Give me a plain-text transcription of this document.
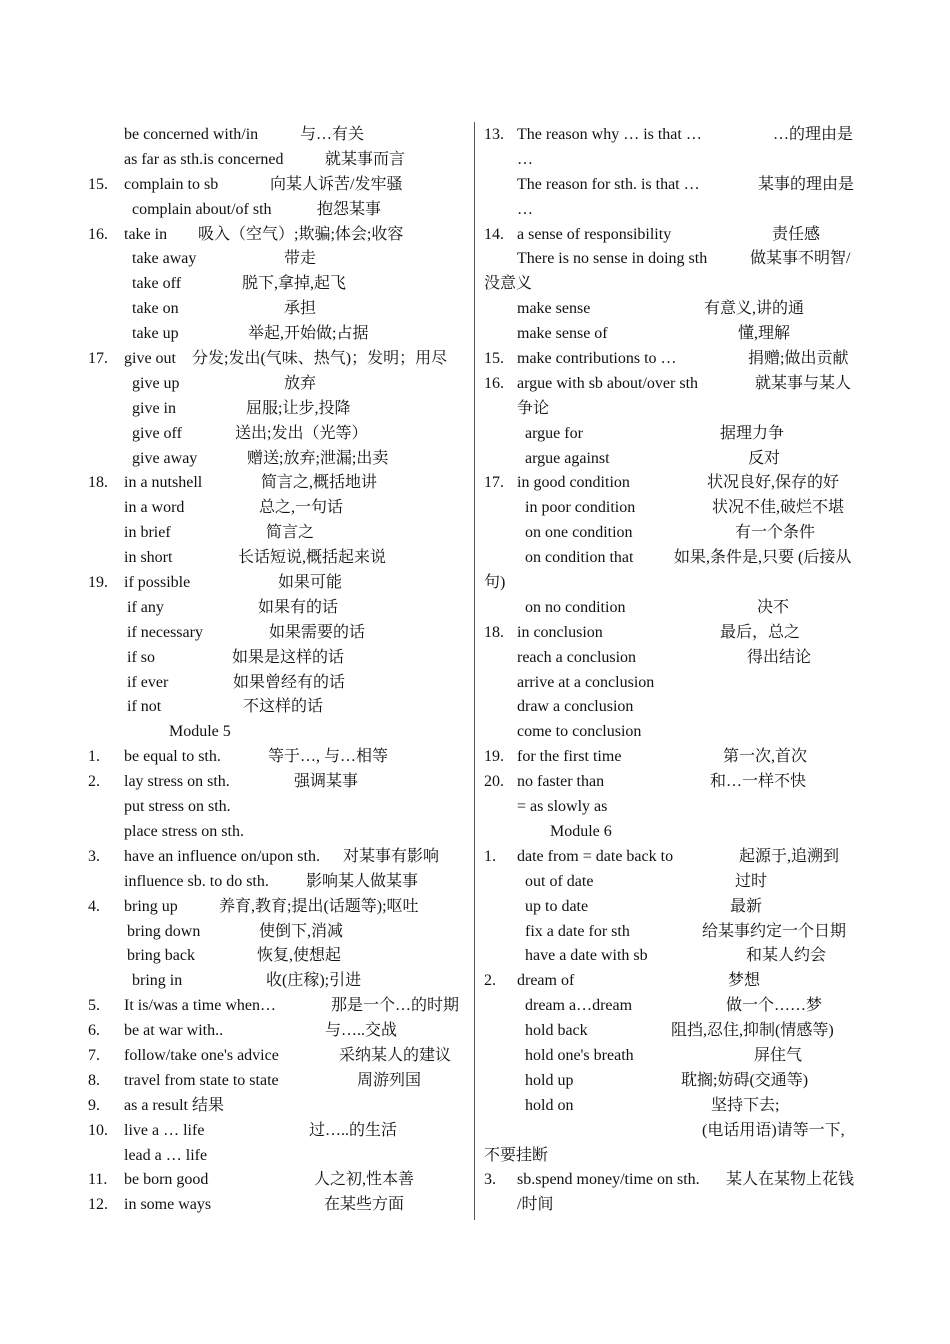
be concerned with/in	与…有关
as far as sth.is concerned	就某事而言
15. complain to sb	向某人诉苦/发牢骚
complain about/of sth	抱怨某事
16. take in 吸入（空气）;欺骗;体会;收容
take away	带走
take off	脱下,拿掉,起飞
take on	承担
take up	举起,开始做;占据
17. give out 分发;发出(气味、热气)；发明；用尽
give up	放弃
give in	屈服;让步,投降
give off	送出;发出（光等）
give away	赠送;放弃;泄漏;出卖
18. in a nutshell	简言之,概括地讲
in a word	总之,一句话
in brief	简言之
in short	长话短说,概括起来说
19. if possible	如果可能
if any	如果有的话
if necessary	如果需要的话
if so	如果是这样的话
if ever	如果曾经有的话
if not	不这样的话
Module 5
1. be equal to sth.	等于…, 与…相等
2. lay stress on sth.	强调某事
put stress on sth.
place stress on sth.
3. have an influence on/upon sth. 对某事有影响
influence sb. to do sth. 影响某人做某事
4. bring up	养育,教育;提出(话题等);呕吐
bring down	使倒下,消减
bring back	恢复,使想起
bring in	收(庄稼);引进
5. It is/was a time when…	那是一个…的时期
6. be at war with..	与…..交战
7. follow/take one's advice	采纳某人的建议
8. travel from state to state	周游列国
9. as a result 结果
10. live a … life	过…..的生活
lead a … life
11. be born good	人之初,性本善
12. in some ways	在某些方面
13. The reason why … is that …	…的理由是
…
The reason for sth. is that …	某事的理由是
…
14. a sense of responsibility	责任感
There is no sense in doing sth	做某事不明智/
没意义
make sense	有意义,讲的通
make sense of	懂,理解
15. make contributions to …	捐赠;做出贡献
16. argue with sb about/over sth	就某事与某人
争论
argue for	据理力争
argue against	反对
17. in good condition	状况良好,保存的好
in poor condition	状况不佳,破烂不堪
on one condition	有一个条件
on condition that	如果,条件是,只要 (后接从
句)
on no condition	决不
18. in conclusion	最后，总之
reach a conclusion	得出结论
arrive at a conclusion
draw a conclusion
come to conclusion
19. for the first time	第一次,首次
20. no faster than	和…一样不快
= as slowly as
Module 6
1. date from = date back to	起源于,追溯到
out of date	过时
up to date	最新
fix a date for sth	给某事约定一个日期
have a date with sb	和某人约会
2. dream of	梦想
dream a…dream	做一个……梦
hold back	阻挡,忍住,抑制(情感等)
hold one's breath	屏住气
hold up	耽搁;妨碍(交通等)
hold on	坚持下去;
(电话用语)请等一下,
不要挂断
3. sb.spend money/time on sth. 某人在某物上花钱
/时间
